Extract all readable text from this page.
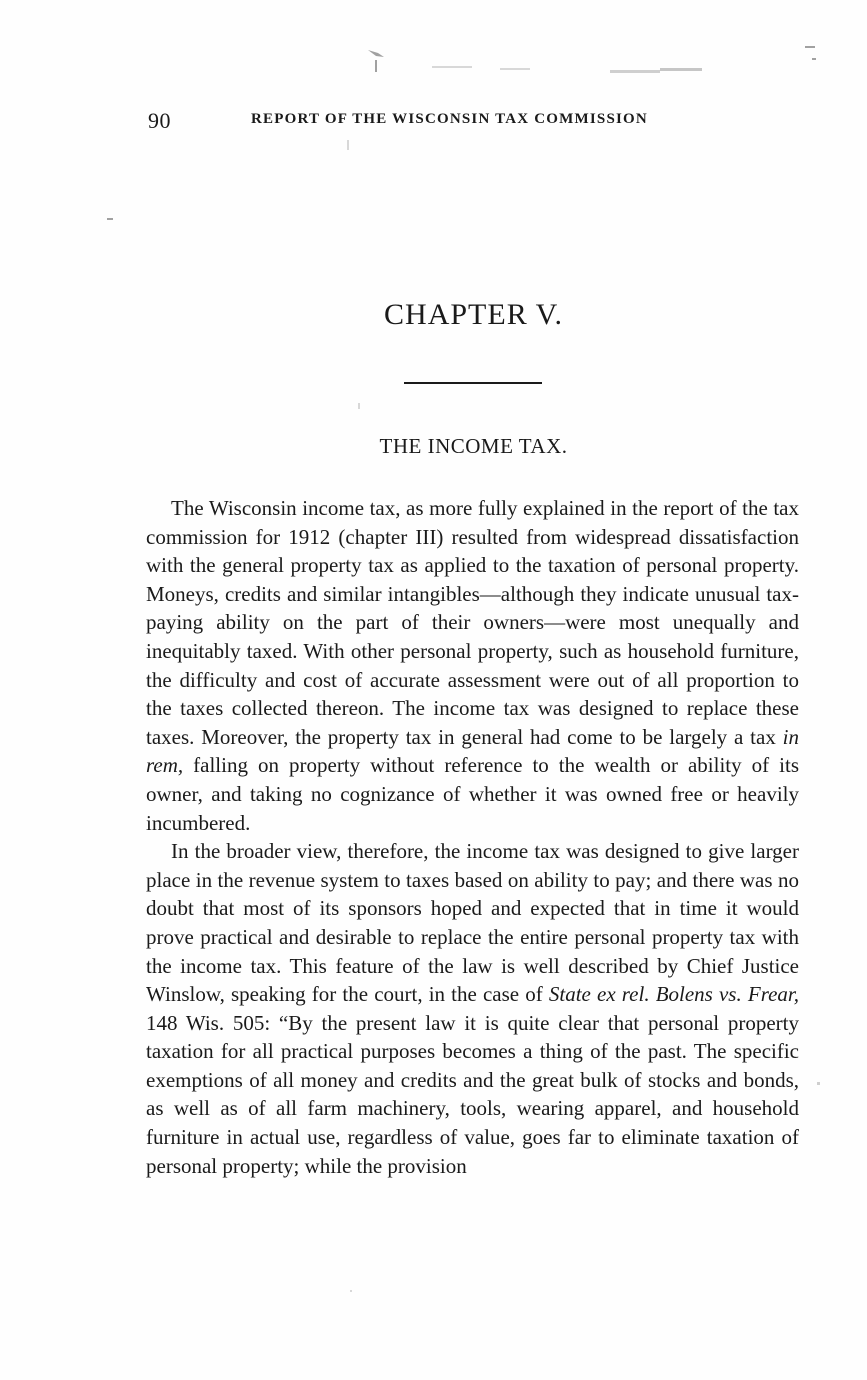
90	REPORT OF THE WISCONSIN TAX COMMISSION
CHAPTER V.
THE INCOME TAX.

The Wisconsin income tax, as more fully explained in the report of the tax commission for 1912 (chapter III) resulted from widespread dissatisfaction with the general property tax as applied to the taxation of personal property. Moneys, credits and similar intangibles—although they indicate unusual tax-paying ability on the part of their owners—were most unequally and inequitably taxed. With other personal property, such as household furniture, the difficulty and cost of accurate assessment were out of all proportion to the taxes collected thereon. The income tax was designed to replace these taxes. Moreover, the property tax in general had come to be largely a tax in rem, falling on property without reference to the wealth or ability of its owner, and taking no cognizance of whether it was owned free or heavily incumbered.

In the broader view, therefore, the income tax was designed to give larger place in the revenue system to taxes based on ability to pay; and there was no doubt that most of its sponsors hoped and expected that in time it would prove practical and desirable to replace the entire personal property tax with the income tax. This feature of the law is well described by Chief Justice Winslow, speaking for the court, in the case of State ex rel. Bolens vs. Frear, 148 Wis. 505: “By the present law it is quite clear that personal property taxation for all practical purposes becomes a thing of the past. The specific exemptions of all money and credits and the great bulk of stocks and bonds, as well as of all farm machinery, tools, wearing apparel, and household furniture in actual use, regardless of value, goes far to eliminate taxation of personal property; while the provision
